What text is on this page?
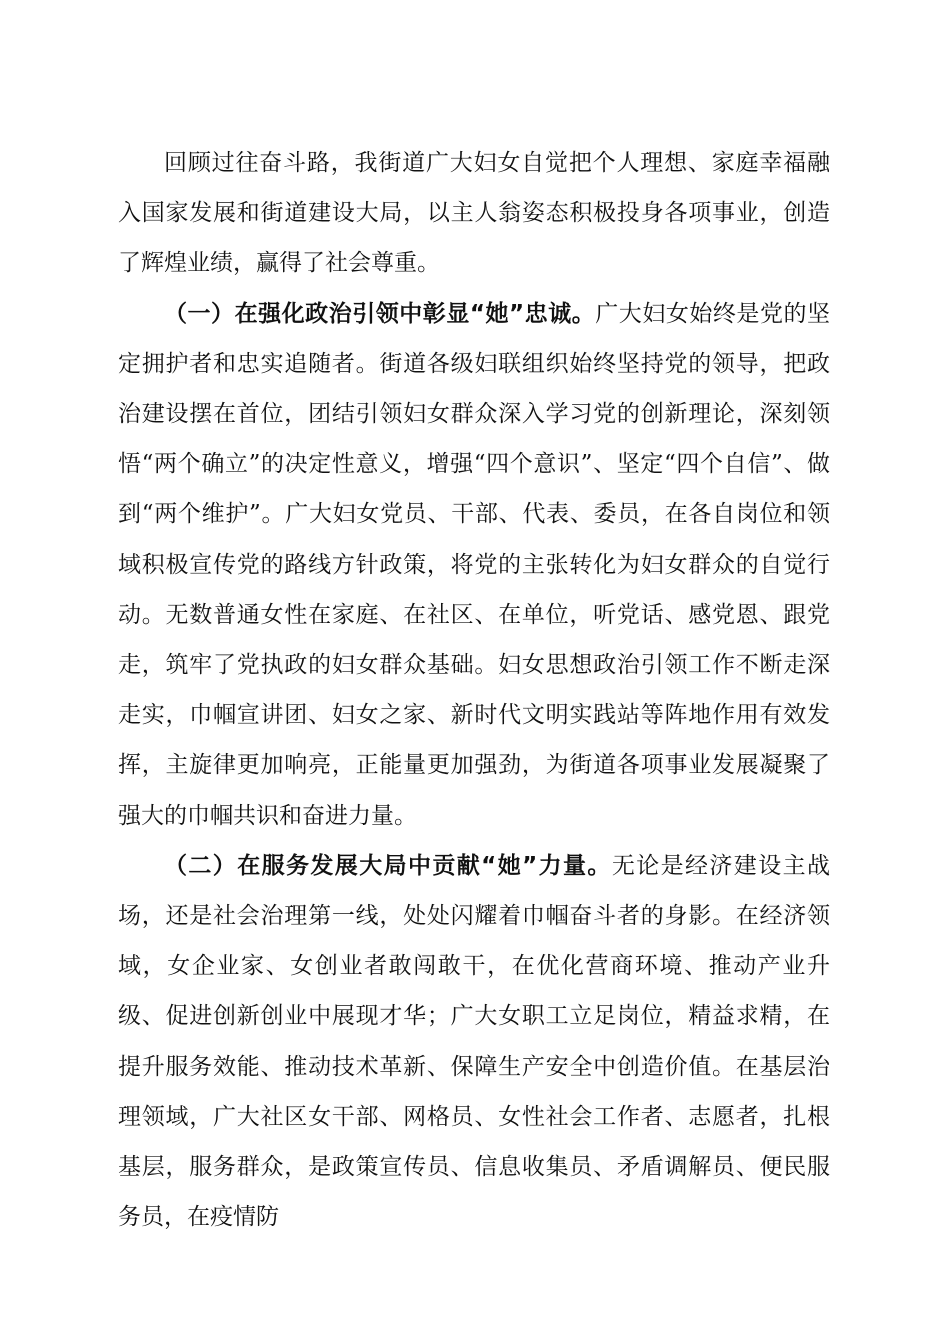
回顾过往奋斗路，我街道广大妇女自觉把个人理想、家庭幸福融入国家发展和街道建设大局，以主人翁姿态积极投身各项事业，创造了辉煌业绩，赢得了社会尊重。

（一）在强化政治引领中彰显“她”忠诚。广大妇女始终是党的坚定拥护者和忠实追随者。街道各级妇联组织始终坚持党的领导，把政治建设摆在首位，团结引领妇女群众深入学习党的创新理论，深刻领悟“两个确立”的决定性意义，增强“四个意识”、坚定“四个自信”、做到“两个维护”。广大妇女党员、干部、代表、委员，在各自岗位和领域积极宣传党的路线方针政策，将党的主张转化为妇女群众的自觉行动。无数普通女性在家庭、在社区、在单位，听党话、感党恩、跟党走，筑牢了党执政的妇女群众基础。妇女思想政治引领工作不断走深走实，巾帼宣讲团、妇女之家、新时代文明实践站等阵地作用有效发挥，主旋律更加响亮，正能量更加强劲，为街道各项事业发展凝聚了强大的巾帼共识和奋进力量。

（二）在服务发展大局中贡献“她”力量。无论是经济建设主战场，还是社会治理第一线，处处闪耀着巾帼奋斗者的身影。在经济领域，女企业家、女创业者敢闯敢干，在优化营商环境、推动产业升级、促进创新创业中展现才华；广大女职工立足岗位，精益求精，在提升服务效能、推动技术革新、保障生产安全中创造价值。在基层治理领域，广大社区女干部、网格员、女性社会工作者、志愿者，扎根基层，服务群众，是政策宣传员、信息收集员、矛盾调解员、便民服务员，在疫情防
